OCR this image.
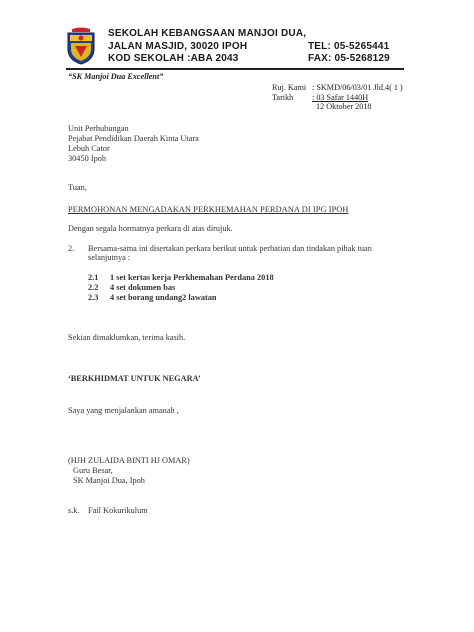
SEKOLAH KEBANGSAAN MANJOI DUA,
JALAN MASJID, 30020 IPOH
KOD SEKOLAH :ABA 2043
TEL: 05-5265441
FAX: 05-5268129
“SK Manjoi Dua Excellent”
Ruj. Kami : SKMD/06/03/01 Jld.4( 1 )
Tarikh : 03 Safar 1440H
12 Oktober 2018
Unit Perhubungan
Pejabat Pendidikan Daerah Kinta Utara
Lebuh Cator
30450 Ipoh
Tuan,
PERMOHONAN MENGADAKAN PERKHEMAHAN PERDANA DI IPG IPOH
Dengan segala hormatnya perkara di atas dirujuk.
2. Bersama-sama ini disertakan perkara berikut untuk perhatian dan tindakan pihak tuan
selanjutnya :
2.1 1 set kertas kerja Perkhemahan Perdana 2018
2.2 4 set dokumen bas
2.3 4 set borang undang2 lawatan
Sekian dimaklumkan, terima kasih.
‘BERKHIDMAT UNTUK NEGARA’
Saya yang menjalankan amanah ,
(HJH ZULAIDA BINTI HJ OMAR)
Guru Besar,
SK Manjoi Dua, Ipoh
s.k. Fail Kokurikulum
